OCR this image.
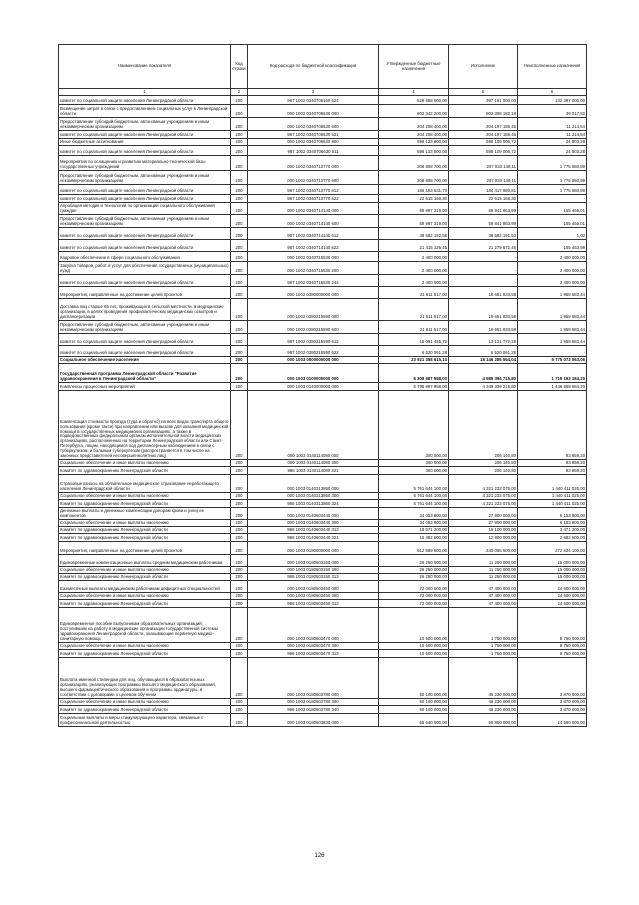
Наименование показателя	Код строки	Код расхода по бюджетной классификации	Утвержденные бюджетные назначения	Исполнение	Неисполненные назначения
1	2	3	4	5	6
комитет по социальной защите населения Ленинградской области	200	987 1002 0340706160 624	529 588 000,00	397 191 000,00	132 397 000,00
Возмещение затрат в связи с предоставлением социальных услуг в Ленинградской области	200	000 1002 0340706630 000	802 342 200,00	802 308 182,18	39 017,82
Предоставление субсидий бюджетным, автономным учреждениям и иным некоммерческим организациям	200	000 1002 0340706630 600	204 208 400,00	204 197 185,46	11 214,54
комитет по социальной защите населения Ленинградской области	200	987 1002 0340706630 631	204 208 400,00	204 197 185,46	11 214,54
Иные бюджетные ассигнования	200	000 1002 0340706630 800	598 133 800,00	598 109 006,72	24 803,28
комитет по социальной защите населения Ленинградской области	200	987 1002 0340706630 811	598 133 800,00	598 109 006,72	24 803,28
Мероприятия по оснащению и развитию материально-технической базы государственных учреждений	200	000 1002 0340713770 000	208 808 700,00	207 033 149,11	1 775 550,89
Предоставление субсидий бюджетным, автономным учреждениям и иным некоммерческим организациям	200	000 1002 0340713770 600	208 808 700,00	207 033 149,11	1 775 550,89
комитет по социальной защите населения Ленинградской области	200	987 1002 0340713770 612	186 193 531,70	184 417 980,81	1 775 550,89
комитет по социальной защите населения Ленинградской области	200	987 1002 0340713770 622	22 615 168,30	22 615 168,30	-
Апробация методик и технологий по организации социального обслуживания граждан	200	000 1002 0340714140 000	59 997 319,00	59 841 863,99	155 455,01
Предоставление субсидий бюджетным, автономным учреждениям и иным некоммерческим организациям	200	000 1002 0340714140 600	59 997 319,00	59 841 863,99	155 455,01
комитет по социальной защите населения Ленинградской области	200	987 1002 0340714140 612	38 582 192,55	38 582 191,53	1,02
комитет по социальной защите населения Ленинградской области	200	987 1002 0340714140 622	21 415 126,45	21 279 672,46	155 453,99
Кадровое обеспечение в сфере социального обслуживания	200	000 1002 0340715530 000	2 400 000,00	-	2 400 000,00
Закупка товаров, работ и услуг для обеспечения государственных (муниципальных) нужд	200	000 1002 0340715530 200	2 400 000,00	-	2 400 000,00
комитет по социальной защите населения Ленинградской области	200	987 1002 0340715530 244	2 400 000,00	-	2 400 000,00
Мероприятия, направленные на достижение целей проектов	200	000 1002 0380000000 000	21 611 517,00	19 651 833,58	1 959 683,44
Доставка лиц старше 65 лет, проживающих в сельской местности, в медицинские организации, в целях проведения профилактических медицинских осмотров и диспансеризации	200	000 1002 0380215590 000	21 611 517,00	19 651 833,58	1 959 683,44
Предоставление субсидий бюджетным, автономным учреждениям и иным некоммерческим организациям	200	000 1002 0380215590 600	21 611 517,00	19 651 833,58	1 959 683,44
комитет по социальной защите населения Ленинградской области	200	987 1002 0380215590 612	15 091 455,72	13 131 772,28	1 959 683,44
комитет по социальной защите населения Ленинградской области	200	987 1002 0380215590 622	6 520 061,28	6 520 061,28	-
Социальное обеспечение населения	200	000 1003 0000000000 000	23 921 358 615,10	18 146 285 554,04	5 775 073 063,06
Государственная программа Ленинградской области "Развитие здравоохранения в Ленинградской области"	200	000 1003 0100000000 000	6 308 587 558,00	4 589 394 715,80	1 719 193 184,20
Комплексы процессных мероприятий	200	000 1003 0140000000 000	5 795 997 958,00	4 349 339 215,80	1 446 658 684,20
Компенсация стоимости проезда (туда и обратно) на всех видах транспорта общего пользования (кроме такси) при направлении или вызове для оказания медицинской помощи в государственных медицинских организациях, а также в подведомственных федеральным органам исполнительной власти медицинских организациях, расположенных на территории Ленинградской области или Санкт-Петербурга, лицам, находящимся под диспансерным наблюдением в связи с туберкулезом, и больным туберкулезом (распространяется в том числе на законных представителей несовершеннолетних лиц)	200	000 1003 0140114080 000	300 000,00	206 140,80	93 859,20
Социальное обеспечение и иные выплаты населению	200	000 1003 0140114080 300	300 000,00	206 140,80	93 859,20
Комитет по здравоохранению Ленинградской области	200	986 1003 0140114080 321	300 000,00	206 140,80	93 859,20
Страховые взносы на обязательное медицинское страхование неработающего населения Ленинградской области	200	000 1003 0140313860 000	5 761 644 100,00	4 321 233 075,00	1 440 411 025,00
Социальное обеспечение и иные выплаты населению	200	000 1003 0140313860 300	5 761 644 100,00	4 321 233 075,00	1 440 411 025,00
Комитет по здравоохранению Ленинградской области	200	986 1003 0140313860 324	5 761 644 100,00	4 321 233 075,00	1 440 411 025,00
Денежные выплаты и денежные компенсации донорам крови и (или) ее компонентов	200	000 1003 0140603440 000	34 053 800,00	27 900 000,00	6 153 800,00
Социальное обеспечение и иные выплаты населению	200	000 1003 0140603440 300	34 053 800,00	27 900 000,00	6 153 800,00
Комитет по здравоохранению Ленинградской области	200	986 1003 0140603440 313	18 571 200,00	15 100 000,00	3 471 200,00
Комитет по здравоохранению Ленинградской области	200	986 1003 0140603440 321	15 482 600,00	12 800 000,00	2 682 600,00
Мероприятия, направленные на достижение целей проектов	200	000 1003 0180000000 000	512 589 600,00	240 055 500,00	272 534 100,00
Единовременные компенсационные выплаты средним медицинским работникам	200	000 1003 0180503150 000	26 250 000,00	11 250 000,00	15 000 000,00
Социальное обеспечение и иные выплаты населению	200	000 1003 0180503150 300	26 250 000,00	11 250 000,00	15 000 000,00
Комитет по здравоохранению Ленинградской области	200	986 1003 0180503150 313	26 250 000,00	11 250 000,00	15 000 000,00
Ежемесячные выплаты медицинским работникам дефицитных специальностей	200	000 1003 0180503450 000	72 000 000,00	47 400 000,00	24 600 000,00
Социальное обеспечение и иные выплаты населению	200	000 1003 0180503450 300	72 000 000,00	47 400 000,00	24 600 000,00
Комитет по здравоохранению Ленинградской области	200	986 1003 0180503450 313	72 000 000,00	47 400 000,00	24 600 000,00
Единовременное пособие выпускникам образовательных организаций, поступившим на работу в медицинские организации государственной системы здравоохранения Ленинградской области, оказывающие первичную медико-санитарную помощь	200	000 1003 0180503470 000	10 500 000,00	1 750 000,00	8 750 000,00
Социальное обеспечение и иные выплаты населению	200	000 1003 0180503470 300	10 500 000,00	1 750 000,00	8 750 000,00
Комитет по здравоохранению Ленинградской области	200	986 1003 0180503470 313	10 500 000,00	1 750 000,00	8 750 000,00
Выплата именной стипендии для лиц, обучающихся в образовательных организациях, реализующих программы высшего медицинского образования, высшего фармацевтического образования и программы ординатуры, в соответствии с договорами о целевом обучении	200	000 1003 0180503780 000	50 100 000,00	46 230 000,00	3 870 000,00
Социальное обеспечение и иные выплаты населению	200	000 1003 0180503780 300	50 100 000,00	46 230 000,00	3 870 000,00
Комитет по здравоохранению Ленинградской области	200	986 1003 0180503780 340	50 100 000,00	46 230 000,00	3 870 000,00
Социальные выплаты и меры стимулирующего характера, связанные с профессиональной деятельностью	200	000 1003 0180503830 000	65 640 000,00	50 850 000,00	14 690 000,00
126
